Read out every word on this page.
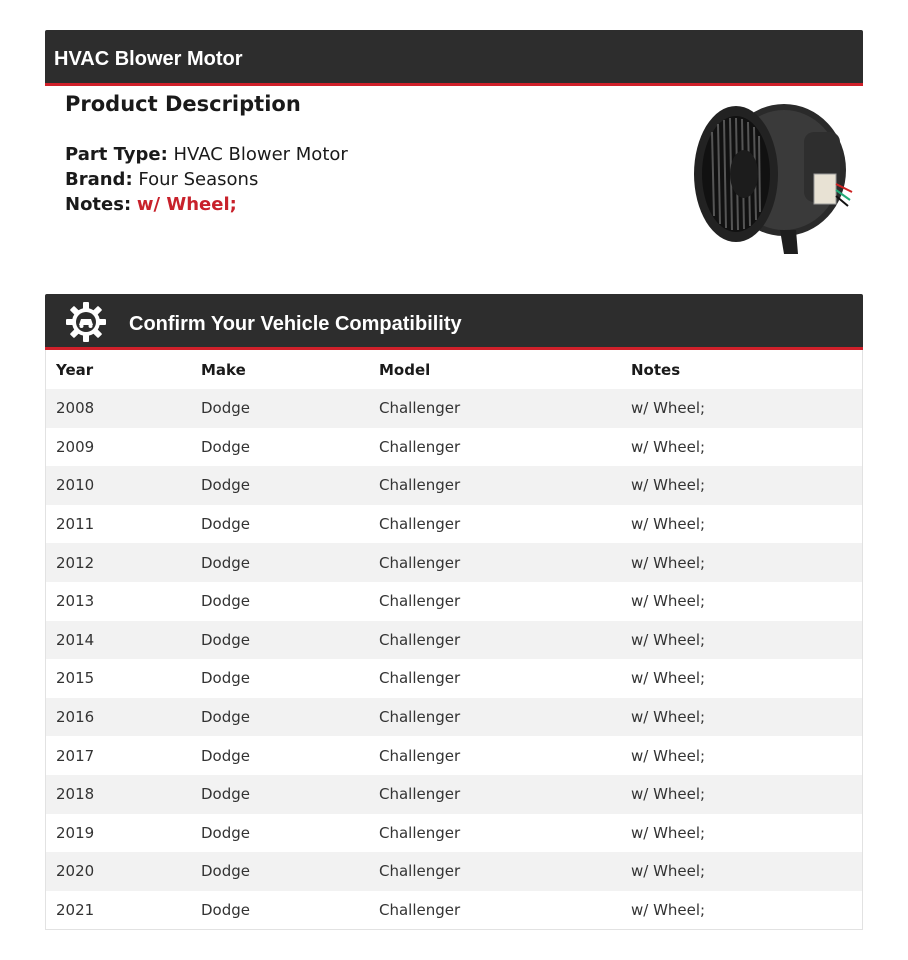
HVAC Blower Motor
Product Description
Part Type: HVAC Blower Motor
Brand: Four Seasons
Notes: w/ Wheel;
Confirm Your Vehicle Compatibility
Year	Make	Model	Notes
2008	Dodge	Challenger	w/ Wheel;
2009	Dodge	Challenger	w/ Wheel;
2010	Dodge	Challenger	w/ Wheel;
2011	Dodge	Challenger	w/ Wheel;
2012	Dodge	Challenger	w/ Wheel;
2013	Dodge	Challenger	w/ Wheel;
2014	Dodge	Challenger	w/ Wheel;
2015	Dodge	Challenger	w/ Wheel;
2016	Dodge	Challenger	w/ Wheel;
2017	Dodge	Challenger	w/ Wheel;
2018	Dodge	Challenger	w/ Wheel;
2019	Dodge	Challenger	w/ Wheel;
2020	Dodge	Challenger	w/ Wheel;
2021	Dodge	Challenger	w/ Wheel;
